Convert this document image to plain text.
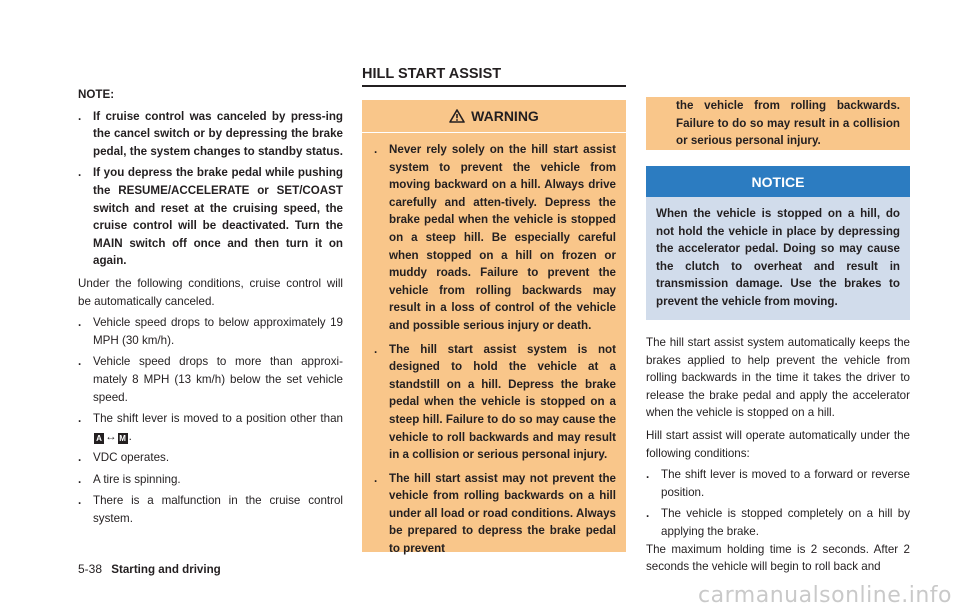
NOTE:
.	If cruise control was canceled by press-ing the cancel switch or by depressing the brake pedal, the system changes to standby status.
.	If you depress the brake pedal while pushing the RESUME/ACCELERATE or SET/COAST switch and reset at the cruising speed, the cruise control will be deactivated. Turn the MAIN switch off once and then turn it on again.

Under the following conditions, cruise control will be automatically canceled.

.	Vehicle speed drops to below approximately 19 MPH (30 km/h).
.	Vehicle speed drops to more than approxi-mately 8 MPH (13 km/h) below the set vehicle speed.
.	The shift lever is moved to a position other than A ↔ M .
.	VDC operates.
.	A tire is spinning.
.	There is a malfunction in the cruise control system.
HILL START ASSIST
WARNING
.	Never rely solely on the hill start assist system to prevent the vehicle from moving backward on a hill. Always drive carefully and atten-tively. Depress the brake pedal when the vehicle is stopped on a steep hill. Be especially careful when stopped on a hill on frozen or muddy roads. Failure to prevent the vehicle from rolling backwards may result in a loss of control of the vehicle and possible serious injury or death.
.	The hill start assist system is not designed to hold the vehicle at a standstill on a hill. Depress the brake pedal when the vehicle is stopped on a steep hill. Failure to do so may cause the vehicle to roll backwards and may result in a collision or serious personal injury.
.	The hill start assist may not prevent the vehicle from rolling backwards on a hill under all load or road conditions. Always be prepared to depress the brake pedal to prevent
the vehicle from rolling backwards. Failure to do so may result in a collision or serious personal injury.
NOTICE
When the vehicle is stopped on a hill, do not hold the vehicle in place by depressing the accelerator pedal. Doing so may cause the clutch to overheat and result in transmission damage. Use the brakes to prevent the vehicle from moving.

The hill start assist system automatically keeps the brakes applied to help prevent the vehicle from rolling backwards in the time it takes the driver to release the brake pedal and apply the accelerator when the vehicle is stopped on a hill.

Hill start assist will operate automatically under the following conditions:

.	The shift lever is moved to a forward or reverse position.
.	The vehicle is stopped completely on a hill by applying the brake.

The maximum holding time is 2 seconds. After 2 seconds the vehicle will begin to roll back and

5-38 Starting and driving
carmanualsonline.info
